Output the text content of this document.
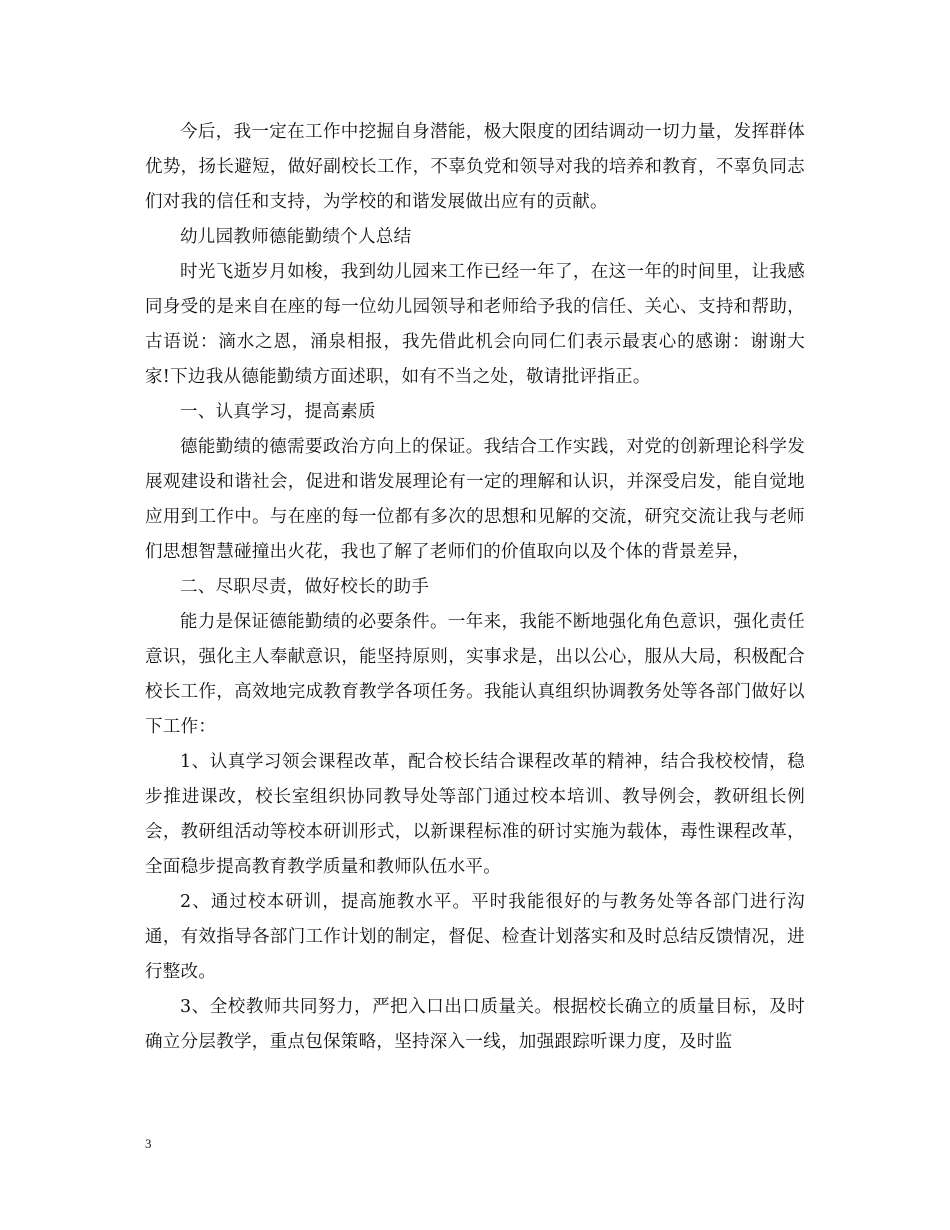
今后，我一定在工作中挖掘自身潜能，极大限度的团结调动一切力量，发挥群体优势，扬长避短，做好副校长工作，不辜负党和领导对我的培养和教育，不辜负同志们对我的信任和支持，为学校的和谐发展做出应有的贡献。

幼儿园教师德能勤绩个人总结

时光飞逝岁月如梭，我到幼儿园来工作已经一年了，在这一年的时间里，让我感同身受的是来自在座的每一位幼儿园领导和老师给予我的信任、关心、支持和帮助，古语说：滴水之恩，涌泉相报，我先借此机会向同仁们表示最衷心的感谢：谢谢大家!下边我从德能勤绩方面述职，如有不当之处，敬请批评指正。

一、认真学习，提高素质

德能勤绩的德需要政治方向上的保证。我结合工作实践，对党的创新理论科学发展观建设和谐社会，促进和谐发展理论有一定的理解和认识，并深受启发，能自觉地应用到工作中。与在座的每一位都有多次的思想和见解的交流，研究交流让我与老师们思想智慧碰撞出火花，我也了解了老师们的价值取向以及个体的背景差异，

二、尽职尽责，做好校长的助手

能力是保证德能勤绩的必要条件。一年来，我能不断地强化角色意识，强化责任意识，强化主人奉献意识，能坚持原则，实事求是，出以公心，服从大局，积极配合校长工作，高效地完成教育教学各项任务。我能认真组织协调教务处等各部门做好以下工作：

1、认真学习领会课程改革，配合校长结合课程改革的精神，结合我校校情，稳步推进课改，校长室组织协同教导处等部门通过校本培训、教导例会，教研组长例会，教研组活动等校本研训形式，以新课程标准的研讨实施为载体，毒性课程改革，全面稳步提高教育教学质量和教师队伍水平。

2、通过校本研训，提高施教水平。平时我能很好的与教务处等各部门进行沟通，有效指导各部门工作计划的制定，督促、检查计划落实和及时总结反馈情况，进行整改。

3、全校教师共同努力，严把入口出口质量关。根据校长确立的质量目标，及时确立分层教学，重点包保策略，坚持深入一线，加强跟踪听课力度，及时监

3
